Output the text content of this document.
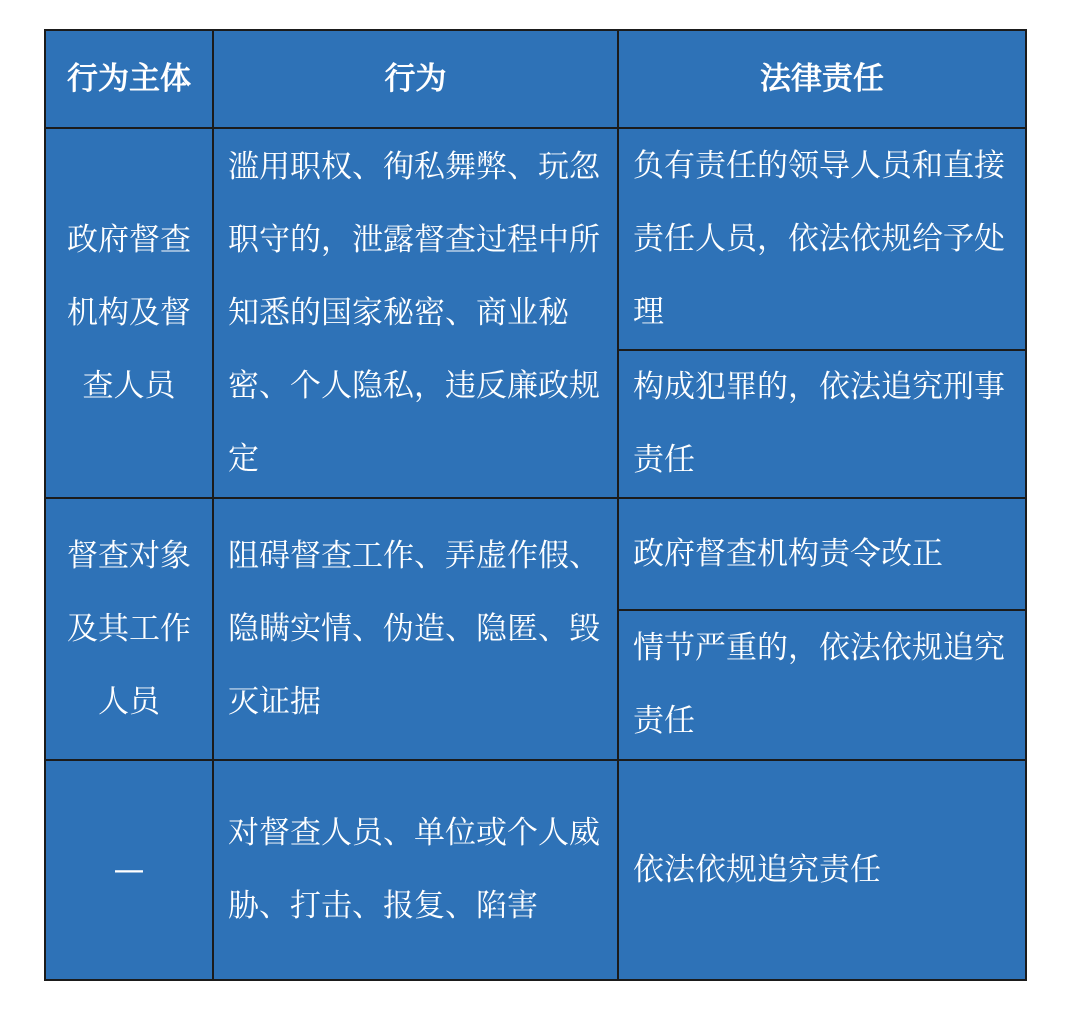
行为主体	行为	法律责任
政府督查机构及督查人员	滥用职权、徇私舞弊、玩忽职守的，泄露督查过程中所知悉的国家秘密、商业秘密、个人隐私，违反廉政规定	负有责任的领导人员和直接责任人员，依法依规给予处理
		构成犯罪的，依法追究刑事责任
督查对象及其工作人员	阻碍督查工作、弄虚作假、隐瞒实情、伪造、隐匿、毁灭证据	政府督查机构责令改正
		情节严重的，依法依规追究责任
—	对督查人员、单位或个人威胁、打击、报复、陷害	依法依规追究责任
